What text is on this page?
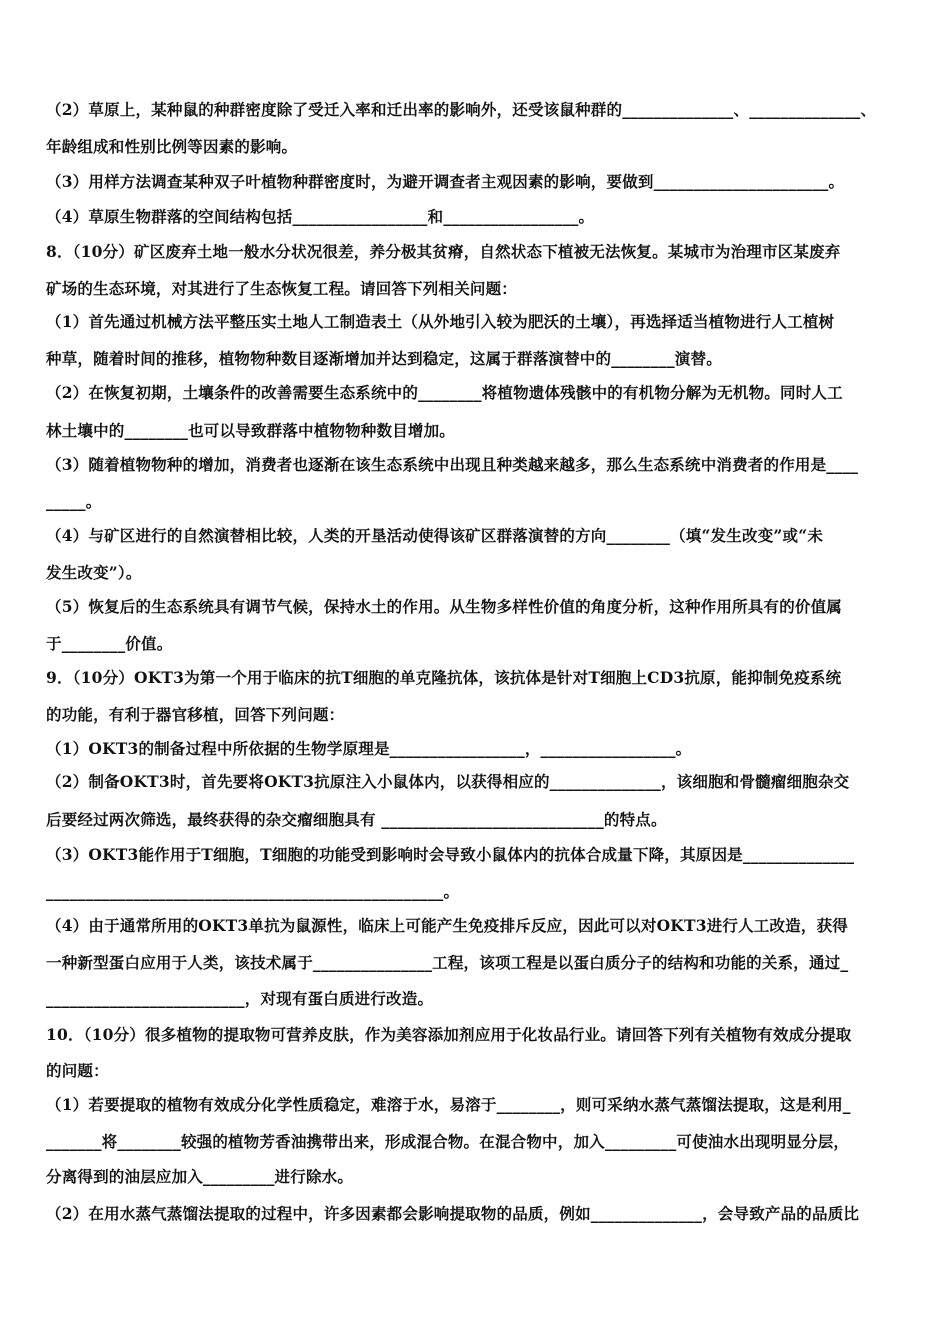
（2）草原上，某种鼠的种群密度除了受迁入率和迁出率的影响外，还受该鼠种群的______________、______________、
年龄组成和性别比例等因素的影响。
（3）用样方法调查某种双子叶植物种群密度时，为避开调查者主观因素的影响，要做到______________________。
（4）草原生物群落的空间结构包括_________________和_________________。
8．（10分）矿区废弃土地一般水分状况很差，养分极其贫瘠，自然状态下植被无法恢复。某城市为治理市区某废弃
矿场的生态环境，对其进行了生态恢复工程。请回答下列相关问题：
（1）首先通过机械方法平整压实土地人工制造表土（从外地引入较为肥沃的土壤），再选择适当植物进行人工植树
种草，随着时间的推移，植物物种数目逐渐增加并达到稳定，这属于群落演替中的________演替。
（2）在恢复初期，土壤条件的改善需要生态系统中的________将植物遗体残骸中的有机物分解为无机物。同时人工
林土壤中的________也可以导致群落中植物物种数目增加。
（3）随着植物物种的增加，消费者也逐渐在该生态系统中出现且种类越来越多，那么生态系统中消费者的作用是____
_____。
（4）与矿区进行的自然演替相比较，人类的开垦活动使得该矿区群落演替的方向________（填“发生改变”或“未
发生改变”）。
（5）恢复后的生态系统具有调节气候，保持水土的作用。从生物多样性价值的角度分析，这种作用所具有的价值属
于________价值。
9．（10分）OKT3为第一个用于临床的抗T细胞的单克隆抗体，该抗体是针对T细胞上CD3抗原，能抑制免疫系统
的功能，有利于器官移植，回答下列问题：
（1）OKT3的制备过程中所依据的生物学原理是_________________，_________________。
（2）制备OKT3时，首先要将OKT3抗原注入小鼠体内，以获得相应的______________，该细胞和骨髓瘤细胞杂交
后要经过两次筛选，最终获得的杂交瘤细胞具有 ____________________________的特点。
（3）OKT3能作用于T细胞，T细胞的功能受到影响时会导致小鼠体内的抗体合成量下降，其原因是______________
__________________________________________________。
（4）由于通常所用的OKT3单抗为鼠源性，临床上可能产生免疫排斥反应，因此可以对OKT3进行人工改造，获得
一种新型蛋白应用于人类，该技术属于_______________工程，该项工程是以蛋白质分子的结构和功能的关系，通过_
_________________________，对现有蛋白质进行改造。
10．（10分）很多植物的提取物可营养皮肤，作为美容添加剂应用于化妆品行业。请回答下列有关植物有效成分提取
的问题：
（1）若要提取的植物有效成分化学性质稳定，难溶于水，易溶于________，则可采纳水蒸气蒸馏法提取，这是利用_
_______将________较强的植物芳香油携带出来，形成混合物。在混合物中，加入_________可使油水出现明显分层，
分离得到的油层应加入_________进行除水。
（2）在用水蒸气蒸馏法提取的过程中，许多因素都会影响提取物的品质，例如______________，会导致产品的品质比
